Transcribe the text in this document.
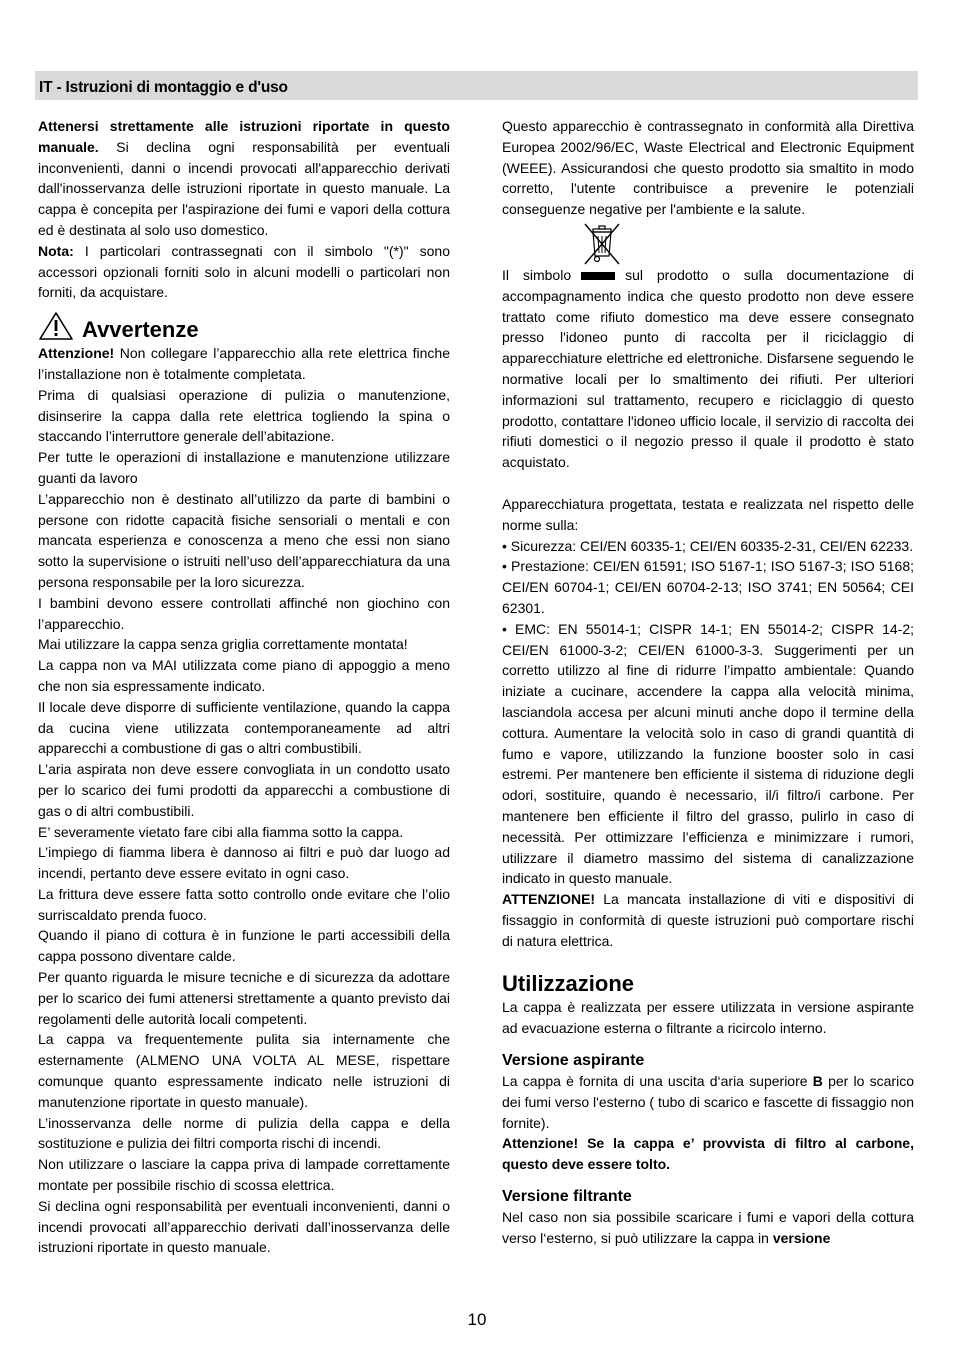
IT - Istruzioni di montaggio e d'uso

Attenersi strettamente alle istruzioni riportate in questo manuale. Si declina ogni responsabilità per eventuali inconvenienti, danni o incendi provocati all'apparecchio derivati dall'inosservanza delle istruzioni riportate in questo manuale. La cappa è concepita per l'aspirazione dei fumi e vapori della cottura ed è destinata al solo uso domestico.

Nota: I particolari contrassegnati con il simbolo "(*)" sono accessori opzionali forniti solo in alcuni modelli o particolari non forniti, da acquistare.

Avvertenze

Attenzione! Non collegare l’apparecchio alla rete elettrica finche l’installazione non è totalmente completata.

Prima di qualsiasi operazione di pulizia o manutenzione, disinserire la cappa dalla rete elettrica togliendo la spina o staccando l’interruttore generale dell’abitazione.

Per tutte le operazioni di installazione e manutenzione utilizzare guanti da lavoro

L’apparecchio non è destinato all’utilizzo da parte di bambini o persone con ridotte capacità fisiche sensoriali o mentali e con mancata esperienza e conoscenza a meno che essi non siano sotto la supervisione o istruiti nell’uso dell’apparecchiatura da una persona responsabile per la loro sicurezza.

I bambini devono essere controllati affinché non giochino con l’apparecchio.

Mai utilizzare la cappa senza griglia correttamente montata!

La cappa non va MAI utilizzata come piano di appoggio a meno che non sia espressamente indicato.

Il locale deve disporre di sufficiente ventilazione, quando la cappa da cucina viene utilizzata contemporaneamente ad altri apparecchi a combustione di gas o altri combustibili.

L’aria aspirata non deve essere convogliata in un condotto usato per lo scarico dei fumi prodotti da apparecchi a combustione di gas o di altri combustibili.

E’ severamente vietato fare cibi alla fiamma sotto la cappa.

L’impiego di fiamma libera è dannoso ai filtri e può dar luogo ad incendi, pertanto deve essere evitato in ogni caso.

La frittura deve essere fatta sotto controllo onde evitare che l’olio surriscaldato prenda fuoco.

Quando il piano di cottura è in funzione le parti accessibili della cappa possono diventare calde.

Per quanto riguarda le misure tecniche e di sicurezza da adottare per lo scarico dei fumi attenersi strettamente a quanto previsto dai regolamenti delle autorità locali competenti.

La cappa va frequentemente pulita sia internamente che esternamente (ALMENO UNA VOLTA AL MESE, rispettare comunque quanto espressamente indicato nelle istruzioni di manutenzione riportate in questo manuale).

L’inosservanza delle norme di pulizia della cappa e della sostituzione e pulizia dei filtri comporta rischi di incendi.

Non utilizzare o lasciare la cappa priva di lampade correttamente montate per possibile rischio di scossa elettrica.

Si declina ogni responsabilità per eventuali inconvenienti, danni o incendi provocati all’apparecchio derivati dall’inosservanza delle istruzioni riportate in questo manuale.

Questo apparecchio è contrassegnato in conformità alla Direttiva Europea 2002/96/EC, Waste Electrical and Electronic Equipment (WEEE). Assicurandosi che questo prodotto sia smaltito in modo corretto, l'utente contribuisce a prevenire le potenziali conseguenze negative per l'ambiente e la salute.

Il simbolo	sul prodotto o sulla documentazione di accompagnamento indica che questo prodotto non deve essere trattato come rifiuto domestico ma deve essere consegnato presso l'idoneo punto di raccolta per il riciclaggio di apparecchiature elettriche ed elettroniche. Disfarsene seguendo le normative locali per lo smaltimento dei rifiuti. Per ulteriori informazioni sul trattamento, recupero e riciclaggio di questo prodotto, contattare l'idoneo ufficio locale, il servizio di raccolta dei rifiuti domestici o il negozio presso il quale il prodotto è stato acquistato.

Apparecchiatura progettata, testata e realizzata nel rispetto delle norme sulla:

• Sicurezza: CEI/EN 60335-1; CEI/EN 60335-2-31, CEI/EN 62233.

• Prestazione: CEI/EN 61591; ISO 5167-1; ISO 5167-3; ISO 5168; CEI/EN 60704-1; CEI/EN 60704-2-13; ISO 3741; EN 50564; CEI 62301.

• EMC: EN 55014-1; CISPR 14-1; EN 55014-2; CISPR 14-2; CEI/EN 61000-3-2; CEI/EN 61000-3-3. Suggerimenti per un corretto utilizzo al fine di ridurre l’impatto ambientale: Quando iniziate a cucinare, accendere la cappa alla velocità minima, lasciandola accesa per alcuni minuti anche dopo il termine della cottura. Aumentare la velocità solo in caso di grandi quantità di fumo e vapore, utilizzando la funzione booster solo in casi estremi. Per mantenere ben efficiente il sistema di riduzione degli odori, sostituire, quando è necessario, il/i filtro/i carbone. Per mantenere ben efficiente il filtro del grasso, pulirlo in caso di necessità. Per ottimizzare l’efficienza e minimizzare i rumori, utilizzare il diametro massimo del sistema di canalizzazione indicato in questo manuale.

ATTENZIONE! La mancata installazione di viti e dispositivi di fissaggio in conformità di queste istruzioni può comportare rischi di natura elettrica.

Utilizzazione

La cappa è realizzata per essere utilizzata in versione aspirante ad evacuazione esterna o filtrante a ricircolo interno.

Versione aspirante

La cappa è fornita di una uscita d‘aria superiore B per lo scarico dei fumi verso l'esterno ( tubo di scarico e fascette di fissaggio non fornite).

Attenzione! Se la cappa e’ provvista di filtro al carbone, questo deve essere tolto.

Versione filtrante

Nel caso non sia possibile scaricare i fumi e vapori della cottura verso l‘esterno, si può utilizzare la cappa in versione

10
